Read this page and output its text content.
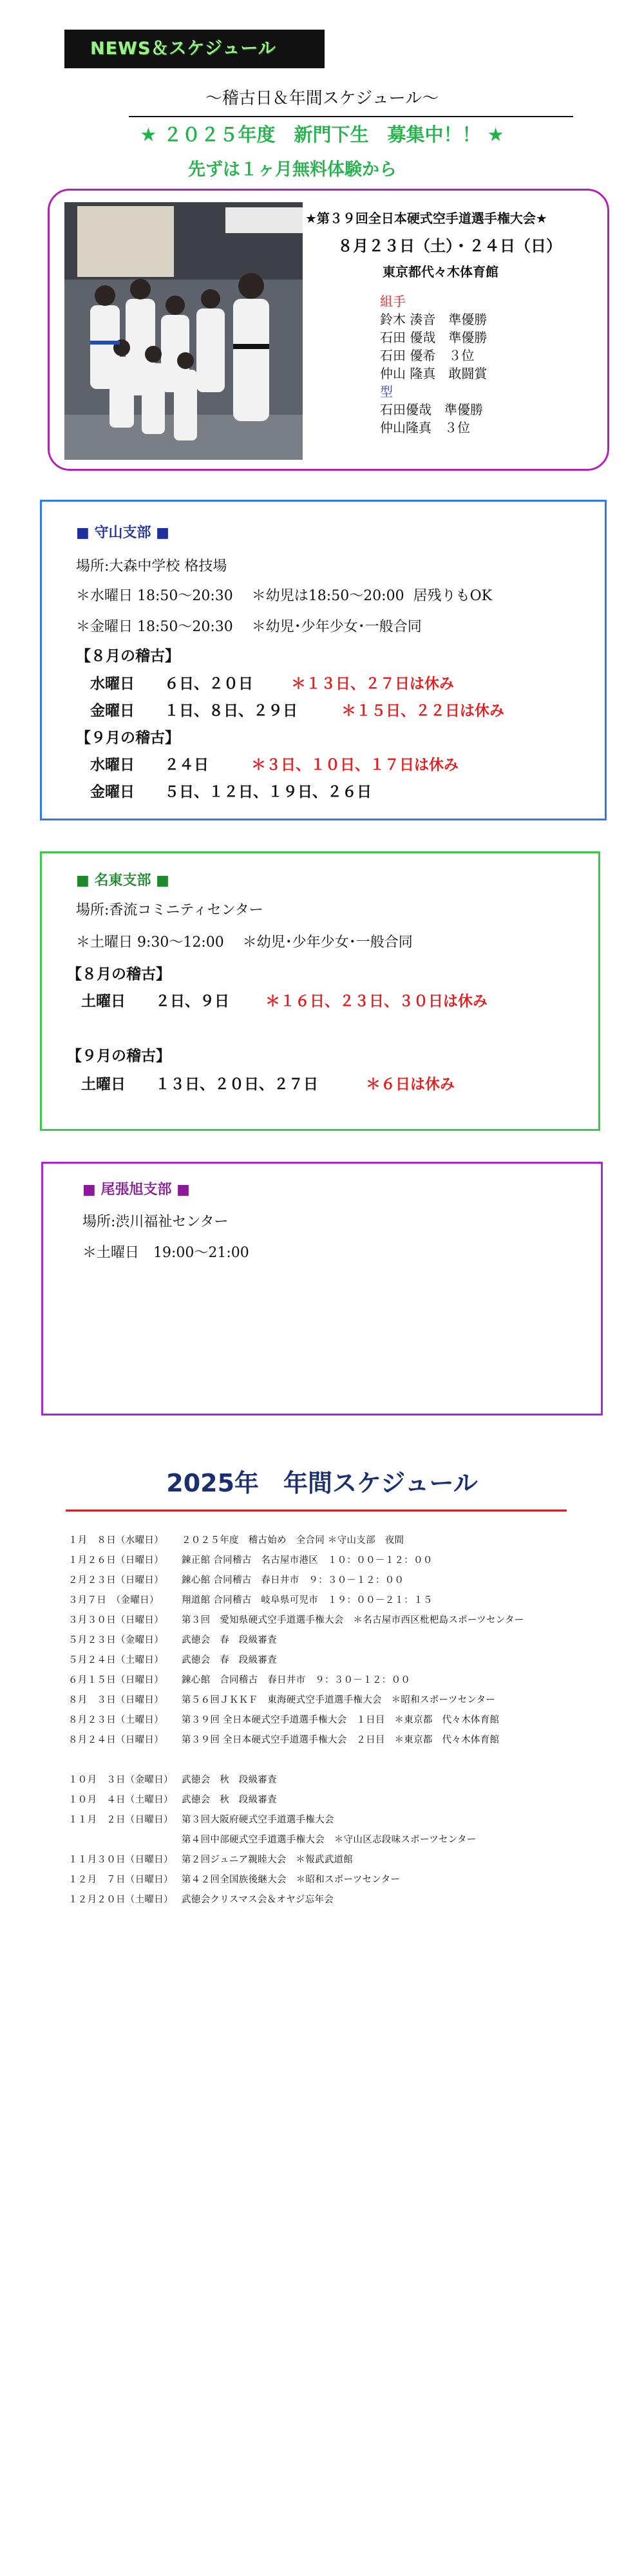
NEWS＆スケジュール
～稽古日＆年間スケジュール～
★ ２０２５年度　新門下生　募集中！！ ★
先ずは１ヶ月無料体験から
★第３９回全日本硬式空手道選手権大会★
８月２３日（土）・２４日（日）
東京都代々木体育館
組手
鈴木 湊音　準優勝
石田 優哉　準優勝
石田 優希　３位
仲山 隆真　敢闘賞
型
石田優哉　準優勝
仲山隆真　３位
■ 守山支部 ■
場所:大森中学校 格技場
＊水曜日 18:50～20:30　 ＊幼児は18:50～20:00  居残りもOK
＊金曜日 18:50～20:30　 ＊幼児･少年少女･一般合同
【８月の稽古】
水曜日　　６日、２０日	＊１３日、２７日は休み
金曜日　　１日、８日、２９日	＊１５日、２２日は休み
【９月の稽古】
水曜日　　２４日	＊３日、１０日、１７日は休み
金曜日　　５日、１２日、１９日、２６日
■ 名東支部 ■
場所:香流コミニティセンター
＊土曜日 9:30～12:00　 ＊幼児･少年少女･一般合同
【８月の稽古】
土曜日　　２日、９日 ＊１６日、２３日、３０日は休み
【９月の稽古】
土曜日　　１３日、２０日、２７日	＊６日は休み
■ 尾張旭支部 ■
場所:渋川福祉センター
＊土曜日　19:00～21:00
2025年　年間スケジュール
１月　８日（水曜日） ２０２５年度　稽古始め　全合同 ＊守山支部　夜間
１月２６日（日曜日） 錬正館 合同稽古　名古屋市港区　１０：００－１２：００
２月２３日（日曜日） 錬心館 合同稽古　春日井市　９：３０－１２：００
３月７日　（金曜日） 翔道館 合同稽古　岐阜県可児市　１９：００－２１：１５
３月３０日（日曜日） 第３回　愛知県硬式空手道選手権大会　＊名古屋市西区枇杷島スポーツセンター
５月２３日（金曜日） 武徳会　春　段級審査
５月２４日（土曜日） 武徳会　春　段級審査
６月１５日（日曜日） 錬心館　合同稽古　春日井市　９：３０－１２：００
８月　３日（日曜日） 第５６回ＪＫＫＦ　東海硬式空手道選手権大会　＊昭和スポーツセンター
８月２３日（土曜日） 第３９回 全日本硬式空手道選手権大会　１日目　＊東京都　代々木体育館
８月２４日（日曜日） 第３９回 全日本硬式空手道選手権大会　２日目　＊東京都　代々木体育館
１０月　３日（金曜日） 武徳会　秋　段級審査
１０月　４日（土曜日） 武徳会　秋　段級審査
１１月　２日（日曜日） 第３回大阪府硬式空手道選手権大会
第４回中部硬式空手道選手権大会　＊守山区志段味スポーツセンター
１１月３０日（日曜日） 第２回ジュニア親睦大会　＊報武武道館
１２月　７日（日曜日） 第４２回全国族後継大会　＊昭和スポーツセンター
１２月２０日（土曜日） 武徳会クリスマス会＆オヤジ忘年会
